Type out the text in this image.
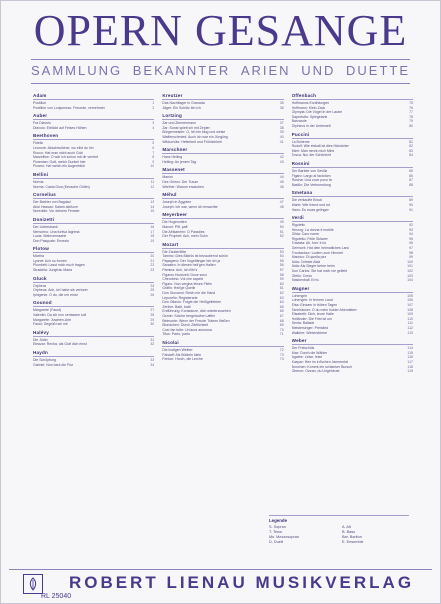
OPERN GESANGE
SAMMLUNG BEKANNTER ARIEN UND DUETTE
Adam
Postillon	1
Postillon von Lonjumeau: Freunde, vernehmet	2
Auber
Fra Diavolo	3
Diavolo: Erblickt auf Felses Höhen	4
Beethoven
Fidelio	5
Leonore: Abscheulicher, wo eilst du hin	6
Rocco: Hat man nicht auch Gold	7
Marzelline: O wär ich schon mit dir vereint	8
Florestan: Gott, welch Dunkel hier	9
Pizarro: Ha! welch ein Augenblick	10
Bellini
Norma	11
Norma: Casta Diva (Keusche Göttin)	12
Cornelius
Der Barbier von Bagdad	13
Abul Hassan: Salam aleikum	14
Nureddin: Vor deinem Fenster	15
Donizetti
Der Liebestrank	16
Nemorino: Una furtiva lagrima	17
Lucia: Wahnsinnsarie	18
Don Pasquale: Ernesto	19
Flotow
Martha	20
Lyonel: Ach so fromm	21
Plumkett: Lasst mich euch fragen	22
Stradella: Jungfrau Maria	23
Gluck
Orpheus	24
Orpheus: Ach, ich habe sie verloren	25
Iphigenie: O du, die mir einst	26
Gounod
Margarete (Faust)	27
Valentin: Da ich nun verlassen soll	28
Margarete: Juwelen-Arie	29
Faust: Gegrüßt sei mir	30
Halévy
Die Jüdin	31
Eleazar: Recha, als Gott dich einst	32
Haydn
Die Schöpfung	33
Gabriel: Nun beut die Flur	34
Kreutzer
Das Nachtlager in Granada	35
Jäger: Ein Schütz bin ich	36
Lortzing
Zar und Zimmermann	37
Zar: Sonst spielt ich mit Zepter	38
Bürgermeister: O, ich bin klug und weise	39
Waffenschmied: Auch ich war ein Jüngling	40
Wildschütz: Heiterkeit und Fröhlichkeit	41
Marschner
Hans Heiling	42
Heiling: An jenem Tag	43
Massenet
Manon	44
Des Grieux: Der Traum	45
Werther: Warum erwachen	46
Méhul
Joseph in Ägypten	47
Joseph: Ich war, wenn ich erwachte	48
Meyerbeer
Die Hugenotten	49
Marcel: Piff, paff	50
Die Afrikanerin: O Paradies	51
Der Prophet: Ach, mein Sohn	52
Mozart
Die Zauberflöte	53
Tamino: Dies Bildnis ist bezaubernd schön	54
Papageno: Der Vogelfänger bin ich ja	55
Sarastro: In diesen heil'gen Hallen	56
Pamina: Ach, ich fühl's	57
Figaros Hochzeit: Dove sono	58
Cherubino: Voi che sapete	59
Figaro: Nun vergiss leises Flehn	60
Gräfin: Heil'ge Quelle	61
Don Giovanni: Reich mir die Hand	62
Leporello: Registerarie	63
Don Ottavio: Folget der Heißgeliebten	64
Zerline: Batti, batti	65
Entführung: Konstanze, dich wiederzusehen	66
Osmin: Solche hergelaufne Laffen	67
Belmonte: Wenn der Freude Tränen fließen	68
Blondchen: Durch Zärtlichkeit	69
Così fan tutte: Un'aura amorosa	70
Titus: Parto, parto	71
Nicolai
Die lustigen Weiber	72
Falstaff: Als Büblein klein	73
Fenton: Horch, die Lerche	74
Offenbach
Hoffmanns Erzählungen	75
Hoffmann: Klein-Zack	76
Olympia: Die Vögel in der Laube	77
Dapertutto: Spiegelarie	78
Barcarole	79
Orpheus in der Unterwelt	80
Puccini
La Bohème	81
Rudolf: Wie eiskalt ist dies Händchen	82
Mimi: Man nennt mich Mimi	83
Tosca: Nur der Schönheit	84
Rossini
Der Barbier von Sevilla	85
Figaro: Largo al factotum	86
Rosina: Una voce poco fa	87
Basilio: Die Verleumdung	88
Smetana
Die verkaufte Braut	89
Marie: Wie fremd und tot	90
Hans: Es muss gelingen	91
Verdi
Rigoletto	92
Herzog: La donna è mobile	93
Gilda: Caro nome	94
Rigoletto: Feile Sklaven	95
Traviata: Ah, fors' è lui	96
Germont: Hat dein heimatliches Land	97
Troubadour: Lodern zum Himmel	98
Manrico: Di quella pira	99
Aida: Celeste Aida	100
Aida: Als Sieger kehre heim	101
Don Carlos: Sie hat mich nie geliebt	102
Otello: Credo	103
Maskenball: Eri tu	104
Wagner
Lohengrin	105
Lohengrin: In fernem Land	106
Elsa: Einsam in trüben Tagen	107
Tannhäuser: O du mein holder Abendstern	108
Elisabeth: Dich, teure Halle	109
Holländer: Die Frist ist um	110
Senta: Ballade	111
Meistersinger: Preislied	112
Walküre: Winterstürme	113
Weber
Der Freischütz	114
Max: Durch die Wälder	115
Agathe: Leise, leise	116
Kaspar: Hier im ird'schen Jammertal	117
Ännchen: Kommt ein schlanker Bursch	118
Oberon: Ozean, du Ungeheuer	119
Legende
S. Sopran	A. Alt
T. Tenor	B. Bass
Ms. Mezzosopran	Bar. Bariton
D. Duett	E. Ensemble
ROBERT LIENAU MUSIKVERLAG
RL 25040
